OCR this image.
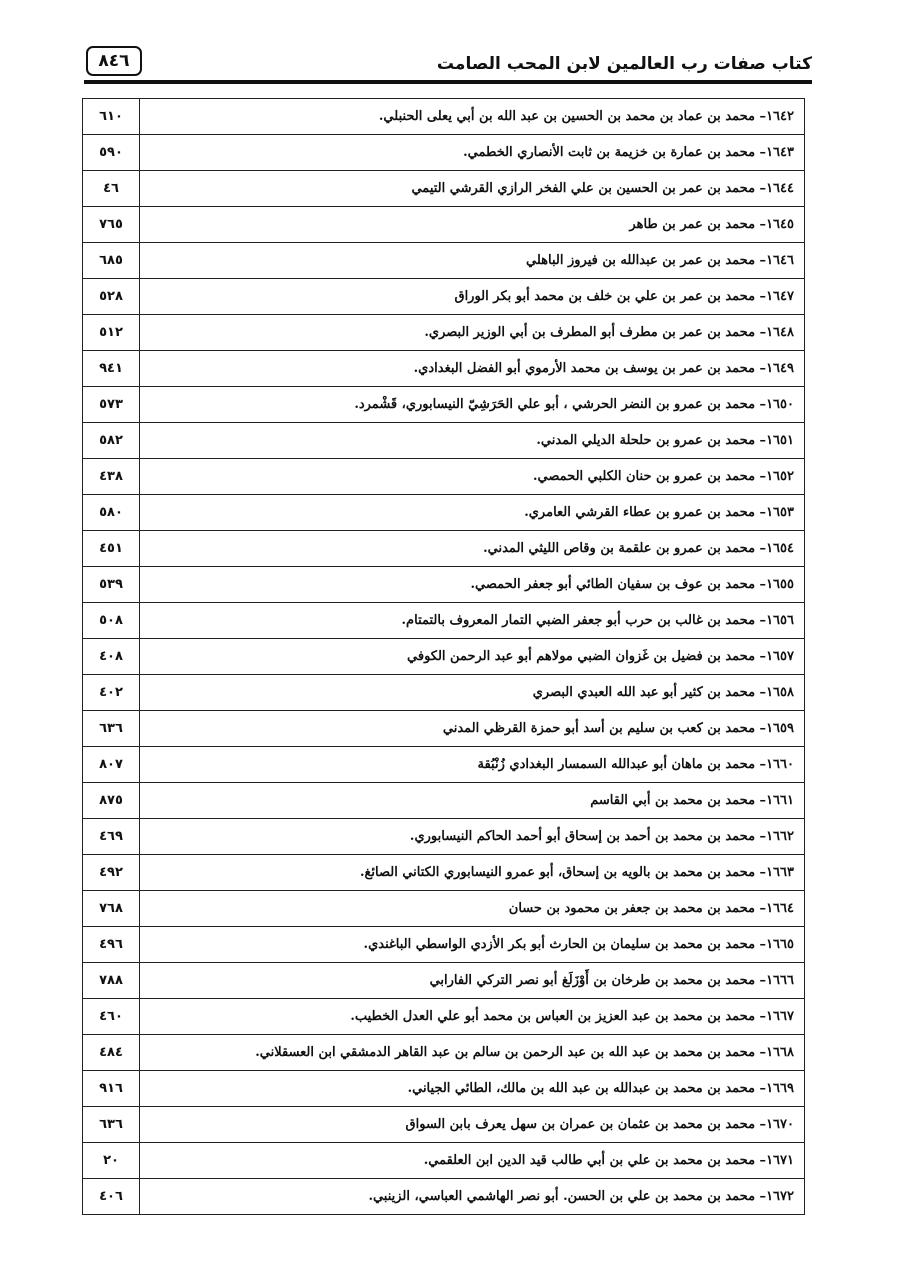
كتاب صفات رب العالمين لابن المحب الصامت
٨٤٦
١٦٤٢– محمد بن عماد بن محمد بن الحسين بن عبد الله بن أبي يعلى الحنبلي.	٦١٠
١٦٤٣– محمد بن عمارة بن خزيمة بن ثابت الأنصاري الخطمي.	٥٩٠
١٦٤٤– محمد بن عمر بن الحسين بن علي الفخر الرازي القرشي التيمي	٤٦
١٦٤٥– محمد بن عمر بن طاهر	٧٦٥
١٦٤٦– محمد بن عمر بن عبدالله بن فيروز الباهلي	٦٨٥
١٦٤٧– محمد بن عمر بن علي بن خلف بن محمد أبو بكر الوراق	٥٢٨
١٦٤٨– محمد بن عمر بن مطرف أبو المطرف بن أبي الوزير البصري.	٥١٢
١٦٤٩– محمد بن عمر بن يوسف بن محمد الأرموي أبو الفضل البغدادي.	٩٤١
١٦٥٠– محمد بن عمرو بن النضر الحرشي ، أبو علي الحَرَشِيّ النيسابوري، قَشْمرد.	٥٧٣
١٦٥١– محمد بن عمرو بن حلحلة الديلي المدني.	٥٨٢
١٦٥٢– محمد بن عمرو بن حنان الكلبي الحمصي.	٤٣٨
١٦٥٣– محمد بن عمرو بن عطاء القرشي العامري.	٥٨٠
١٦٥٤– محمد بن عمرو بن علقمة بن وقاص الليثي المدني.	٤٥١
١٦٥٥– محمد بن عوف بن سفيان الطائي أبو جعفر الحمصي.	٥٣٩
١٦٥٦– محمد بن غالب بن حرب أبو جعفر الضبي التمار المعروف بالتمتام.	٥٠٨
١٦٥٧– محمد بن فضيل بن غَزوان الضبي مولاهم أبو عبد الرحمن الكوفي	٤٠٨
١٦٥٨– محمد بن كثير أبو عبد الله العبدي البصري	٤٠٢
١٦٥٩– محمد بن كعب بن سليم بن أسد أبو حمزة القرظي المدني	٦٣٦
١٦٦٠– محمد بن ماهان أبو عبدالله السمسار البغدادي زُنْبُقة	٨٠٧
١٦٦١– محمد بن محمد بن أبي القاسم	٨٧٥
١٦٦٢– محمد بن محمد بن أحمد بن إسحاق أبو أحمد الحاكم النيسابوري.	٤٦٩
١٦٦٣– محمد بن محمد بن بالويه بن إسحاق، أبو عمرو النيسابوري الكتاني الصائغ.	٤٩٢
١٦٦٤– محمد بن محمد بن جعفر بن محمود بن حسان	٧٦٨
١٦٦٥– محمد بن محمد بن سليمان بن الحارث أبو بكر الأزدي الواسطي الباغندي.	٤٩٦
١٦٦٦– محمد بن محمد بن طرخان بن أَوْزَلَغ أبو نصر التركي الفارابي	٧٨٨
١٦٦٧– محمد بن محمد بن عبد العزيز بن العباس بن محمد أبو علي العدل الخطيب.	٤٦٠
١٦٦٨– محمد بن محمد بن عبد الله بن عبد الرحمن بن سالم بن عبد القاهر الدمشقي ابن العسقلاني.	٤٨٤
١٦٦٩– محمد بن محمد بن عبدالله بن عبد الله بن مالك، الطائي الجياني.	٩١٦
١٦٧٠– محمد بن محمد بن عثمان بن عمران بن سهل يعرف بابن السواق	٦٣٦
١٦٧١– محمد بن محمد بن علي بن أبي طالب قيد الدين ابن العلقمي.	٢٠
١٦٧٢– محمد بن محمد بن علي بن الحسن. أبو نصر الهاشمي العباسي، الزينبي.	٤٠٦
